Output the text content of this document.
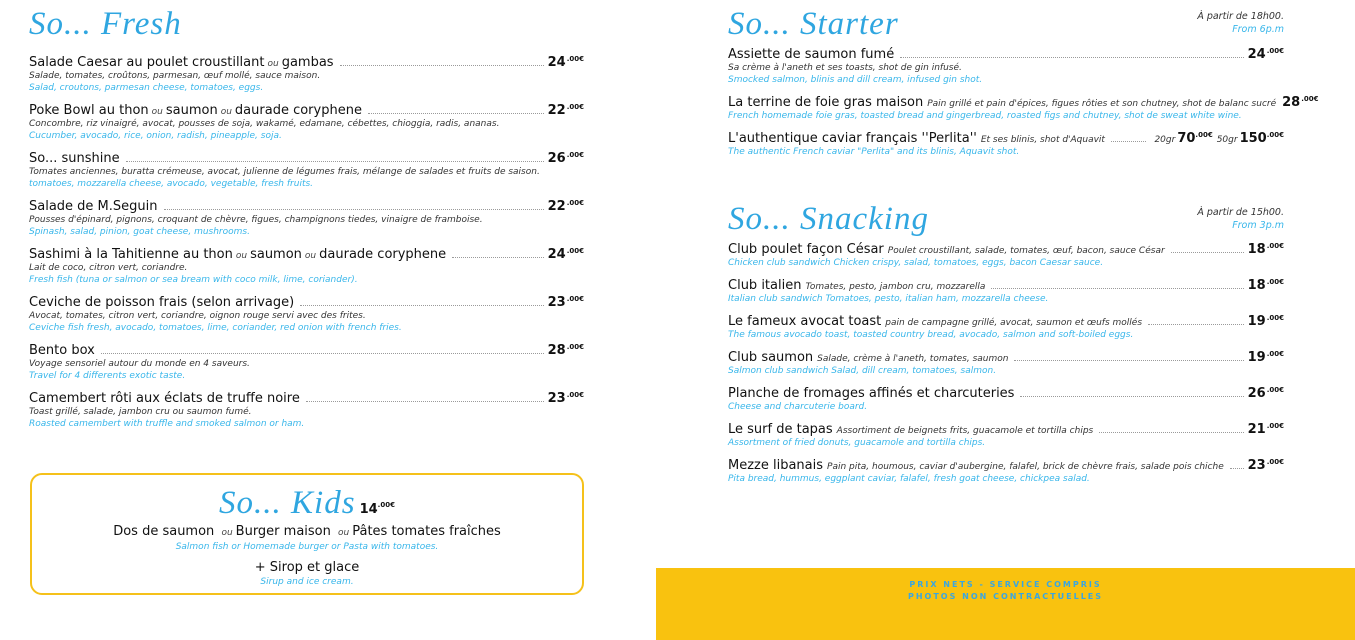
So... Fresh
Salade Caesar au poulet croustillant ou gambas	$24^{.00€}$
Salade, tomates, croûtons, parmesan, œuf mollé, sauce maison.
Salad, croutons, parmesan cheese, tomatoes, eggs.
Poke Bowl au thon ou saumon ou daurade coryphene	$22^{.00€}$
Concombre, riz vinaigré, avocat, pousses de soja, wakamé, edamane, cébettes, chioggia, radis, ananas.
Cucumber, avocado, rice, onion, radish, pineapple, soja.
So... sunshine	$26^{.00€}$
Tomates anciennes, buratta crémeuse, avocat, julienne de légumes frais, mélange de salades et fruits de saison.
tomatoes, mozzarella cheese, avocado, vegetable, fresh fruits.
Salade de M.Seguin	$22^{.00€}$
Pousses d'épinard, pignons, croquant de chèvre, figues, champignons tiedes, vinaigre de framboise.
Spinash, salad, pinion, goat cheese, mushrooms.
Sashimi à la Tahitienne au thon ou saumon ou daurade coryphene	$24^{.00€}$
Lait de coco, citron vert, coriandre.
Fresh fish (tuna or salmon or sea bream with coco milk, lime, coriander).
Ceviche de poisson frais (selon arrivage)	$23^{.00€}$
Avocat, tomates, citron vert, coriandre, oignon rouge servi avec des frites.
Ceviche fish fresh, avocado, tomatoes, lime, coriander, red onion with french fries.
Bento box	$28^{.00€}$
Voyage sensoriel autour du monde en 4 saveurs.
Travel for 4 differents exotic taste.
Camembert rôti aux éclats de truffe noire	$23^{.00€}$
Toast grillé, salade, jambon cru ou saumon fumé.
Roasted camembert with truffle and smoked salmon or ham.
So... Kids $14^{.00€}$
Dos de saumon ou Burger maison ou Pâtes tomates fraîches
Salmon fish or Homemade burger or Pasta with tomatoes.
+ Sirop et glace
Sirup and ice cream.
So... Starter	À partir de 18h00.
From 6p.m
Assiette de saumon fumé	$24^{.00€}$
Sa crème à l'aneth et ses toasts, shot de gin infusé.
Smocked salmon, blinis and dill cream, infused gin shot.
La terrine de foie gras maison Pain grillé et pain d'épices, figues rôties et son chutney, shot de balanc sucré $28^{.00€}$
French homemade foie gras, toasted bread and gingerbread, roasted figs and chutney, shot de sweat white wine.
L'authentique caviar français ''Perlita'' Et ses blinis, shot d'Aquavit	20gr $70^{.00€}$ 50gr $150^{.00€}$
The authentic French caviar "Perlita" and its blinis, Aquavit shot.
So... Snacking	À partir de 15h00.
From 3p.m
Club poulet façon César Poulet croustillant, salade, tomates, œuf, bacon, sauce César	$18^{.00€}$
Chicken club sandwich Chicken crispy, salad, tomatoes, eggs, bacon Caesar sauce.
Club italien Tomates, pesto, jambon cru, mozzarella	$18^{.00€}$
Italian club sandwich Tomatoes, pesto, italian ham, mozzarella cheese.
Le fameux avocat toast pain de campagne grillé, avocat, saumon et œufs mollés	$19^{.00€}$
The famous avocado toast, toasted country bread, avocado, salmon and soft-boiled eggs.
Club saumon Salade, crème à l'aneth, tomates, saumon	$19^{.00€}$
Salmon club sandwich Salad, dill cream, tomatoes, salmon.
Planche de fromages affinés et charcuteries	$26^{.00€}$
Cheese and charcuterie board.
Le surf de tapas Assortiment de beignets frits, guacamole et tortilla chips	$21^{.00€}$
Assortment of fried donuts, guacamole and tortilla chips.
Mezze libanais Pain pita, houmous, caviar d'aubergine, falafel, brick de chèvre frais, salade pois chiche $23^{.00€}$
Pita bread, hummus, eggplant caviar, falafel, fresh goat cheese, chickpea salad.
PRIX NETS - SERVICE COMPRIS
PHOTOS NON CONTRACTUELLES
